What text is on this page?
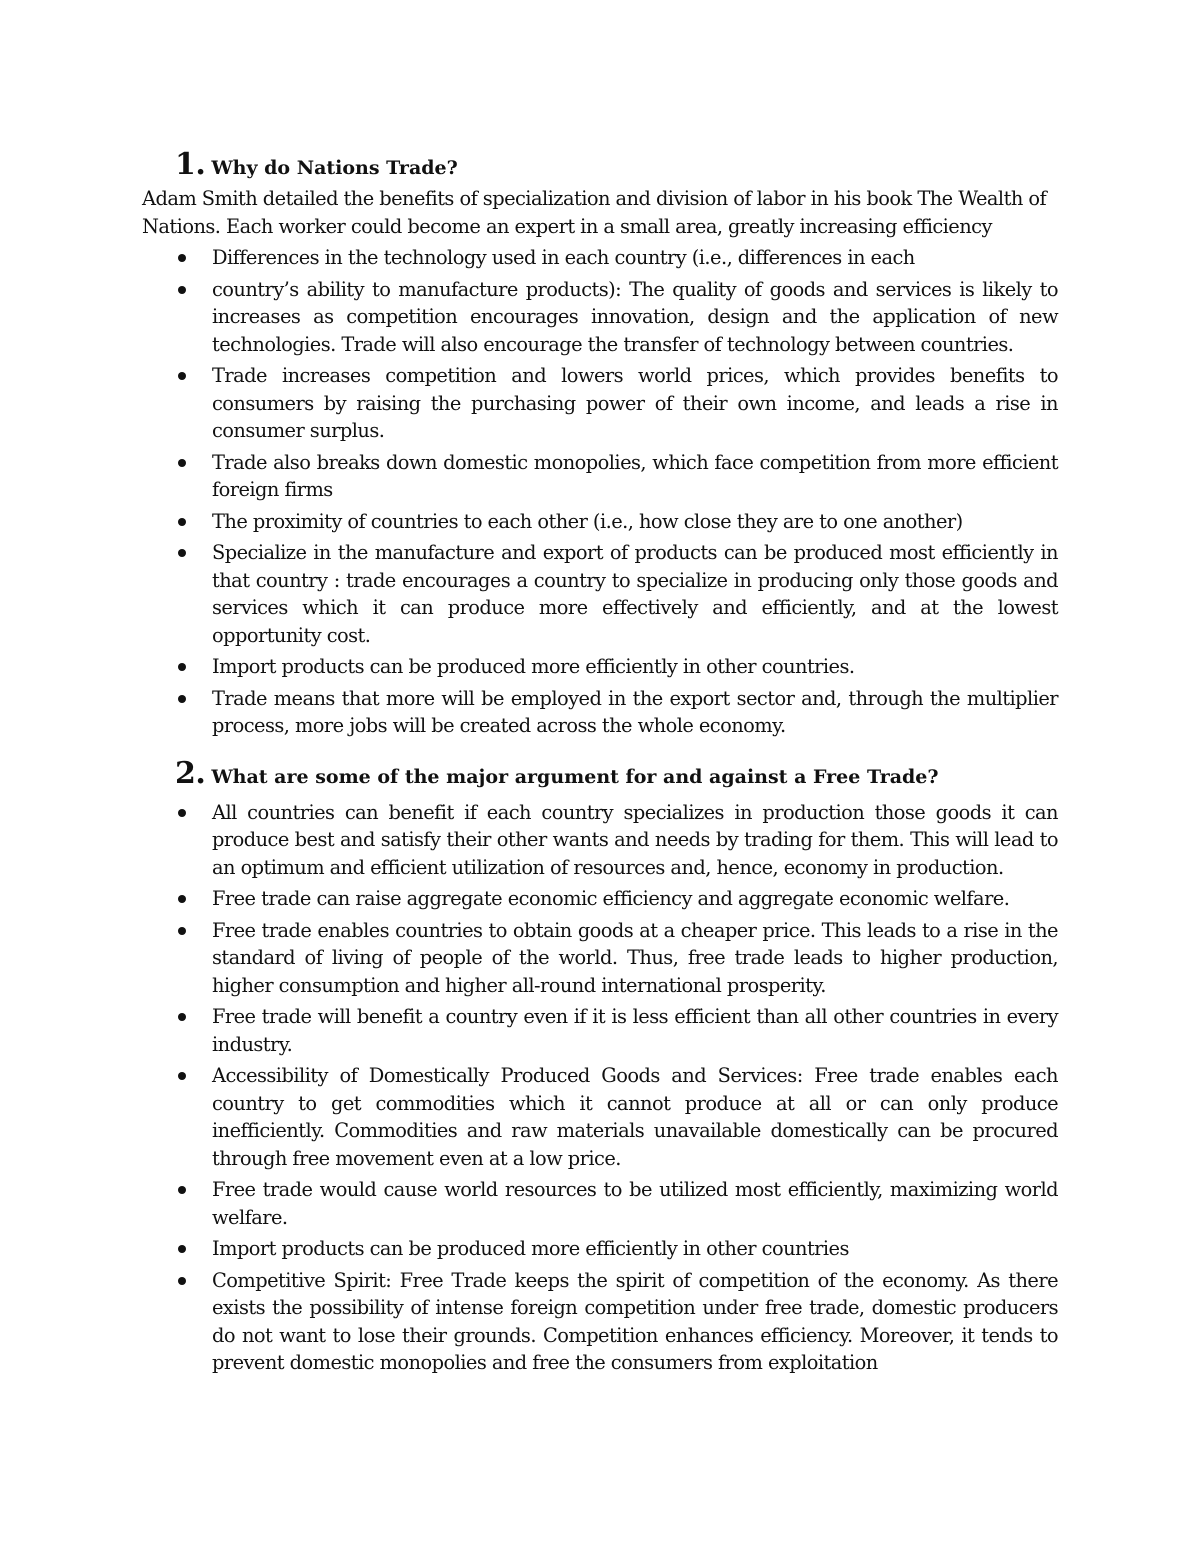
1. Why do Nations Trade?

Adam Smith detailed the benefits of specialization and division of labor in his book The Wealth of Nations. Each worker could become an expert in a small area, greatly increasing efficiency

Differences in the technology used in each country (i.e., differences in each
country’s ability to manufacture products): The quality of goods and services is likely to increases as competition encourages innovation, design and the application of new technologies. Trade will also encourage the transfer of technology between countries.
Trade increases competition and lowers world prices, which provides benefits to consumers by raising the purchasing power of their own income, and leads a rise in consumer surplus.
Trade also breaks down domestic monopolies, which face competition from more efficient foreign firms
The proximity of countries to each other (i.e., how close they are to one another)
Specialize in the manufacture and export of products can be produced most efficiently in that country : trade encourages a country to specialize in producing only those goods and services which it can produce more effectively and efficiently, and at the lowest opportunity cost.
Import products can be produced more efficiently in other countries.
Trade means that more will be employed in the export sector and, through the multiplier process, more jobs will be created across the whole economy.
2. What are some of the major argument for and against a Free Trade?
All countries can benefit if each country specializes in production those goods it can produce best and satisfy their other wants and needs by trading for them. This will lead to an optimum and efficient utilization of resources and, hence, economy in production.
Free trade can raise aggregate economic efficiency and aggregate economic welfare.
Free trade enables countries to obtain goods at a cheaper price. This leads to a rise in the standard of living of people of the world. Thus, free trade leads to higher production, higher consumption and higher all-round international prosperity.
Free trade will benefit a country even if it is less efficient than all other countries in every industry.
Accessibility of Domestically Produced Goods and Services: Free trade enables each country to get commodities which it cannot produce at all or can only produce inefficiently. Commodities and raw materials unavailable domestically can be procured through free movement even at a low price.
Free trade would cause world resources to be utilized most efficiently, maximizing world welfare.
Import products can be produced more efficiently in other countries
Competitive Spirit: Free Trade keeps the spirit of competition of the economy. As there exists the possibility of intense foreign competition under free trade, domestic producers do not want to lose their grounds. Competition enhances efficiency. Moreover, it tends to prevent domestic monopolies and free the consumers from exploitation
